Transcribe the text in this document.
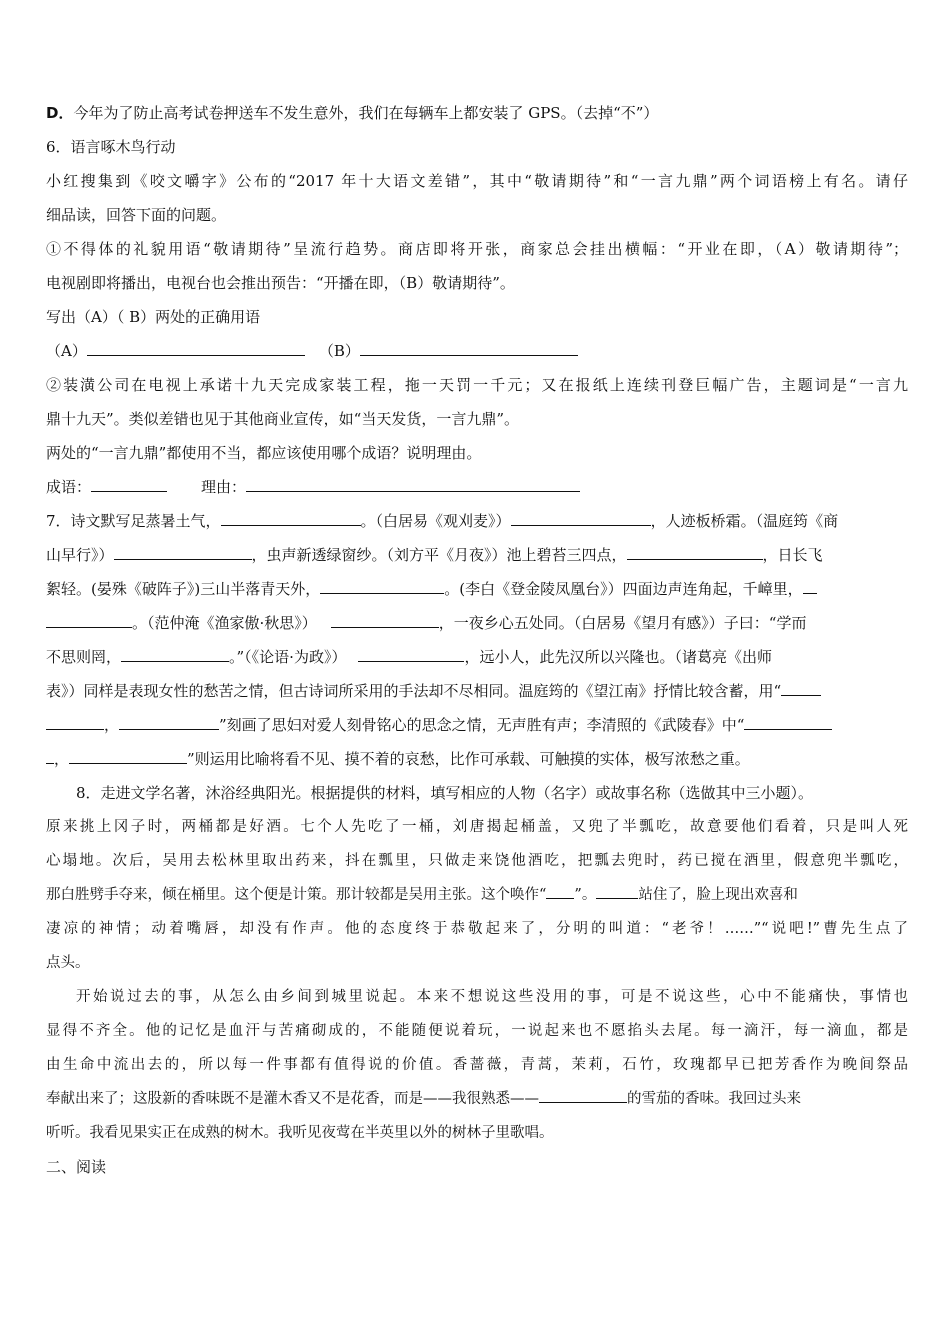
D．今年为了防止高考试卷押送车不发生意外，我们在每辆车上都安装了 GPS。（去掉“不”）
6．语言啄木鸟行动
小红搜集到《咬文嚼字》公布的“2017 年十大语文差错”，其中“敬请期待”和“一言九鼎”两个词语榜上有名。请仔
细品读，回答下面的问题。
①不得体的礼貌用语“敬请期待”呈流行趋势。商店即将开张，商家总会挂出横幅：“开业在即，（A）敬请期待”；
电视剧即将播出，电视台也会推出预告：“开播在即，（B）敬请期待”。
写出（A）（ B）两处的正确用语
（A）	（B）
②装潢公司在电视上承诺十九天完成家装工程，拖一天罚一千元；又在报纸上连续刊登巨幅广告，主题词是“一言九
鼎十九天”。类似差错也见于其他商业宣传，如“当天发货，一言九鼎”。
两处的“一言九鼎”都使用不当，都应该使用哪个成语？说明理由。
成语：	理由：
7．诗文默写足蒸暑土气，	。（白居易《观刈麦》）	，人迹板桥霜。（温庭筠《商
山早行》）	，虫声新透绿窗纱。（刘方平《月夜》）池上碧苔三四点，	，日长飞
絮轻。(晏殊《破阵子》)三山半落青天外，	。(李白《登金陵凤凰台》）四面边声连角起，千嶂里，
。（范仲淹《渔家傲·秋思》）	，一夜乡心五处同。（白居易《望月有感》）子曰：“学而
不思则罔，	。”（《论语·为政》）	，远小人，此先汉所以兴隆也。（诸葛亮《出师
表》）同样是表现女性的愁苦之情，但古诗词所采用的手法却不尽相同。温庭筠的《望江南》抒情比较含蓄，用“
，	”刻画了思妇对爱人刻骨铭心的思念之情，无声胜有声；李清照的《武陵春》中“
，	”则运用比喻将看不见、摸不着的哀愁，比作可承载、可触摸的实体，极写浓愁之重。
8．走进文学名著，沐浴经典阳光。根据提供的材料，填写相应的人物（名字）或故事名称（选做其中三小题）。
原来挑上冈子时，两桶都是好酒。七个人先吃了一桶，刘唐揭起桶盖，又兜了半瓢吃，故意要他们看着，只是叫人死
心塌地。次后，吴用去松林里取出药来，抖在瓢里，只做走来饶他酒吃，把瓢去兜时，药已搅在酒里，假意兜半瓢吃，
那白胜劈手夺来，倾在桶里。这个便是计策。那计较都是吴用主张。这个唤作“ ”。	站住了，脸上现出欢喜和
凄凉的神情；动着嘴唇，却没有作声。他的态度终于恭敬起来了，分明的叫道：“老爷！……”“说吧!”曹先生点了
点头。
开始说过去的事，从怎么由乡间到城里说起。本来不想说这些没用的事，可是不说这些，心中不能痛快，事情也
显得不齐全。他的记忆是血汗与苦痛砌成的，不能随便说着玩，一说起来也不愿掐头去尾。每一滴汗，每一滴血，都是
由生命中流出去的，所以每一件事都有值得说的价值。香蔷薇，青蒿，茉莉，石竹，玫瑰都早已把芳香作为晚间祭品
奉献出来了；这股新的香味既不是灌木香又不是花香，而是——我很熟悉——	的雪茄的香味。我回过头来
听听。我看见果实正在成熟的树木。我听见夜莺在半英里以外的树林子里歌唱。
二、阅读
